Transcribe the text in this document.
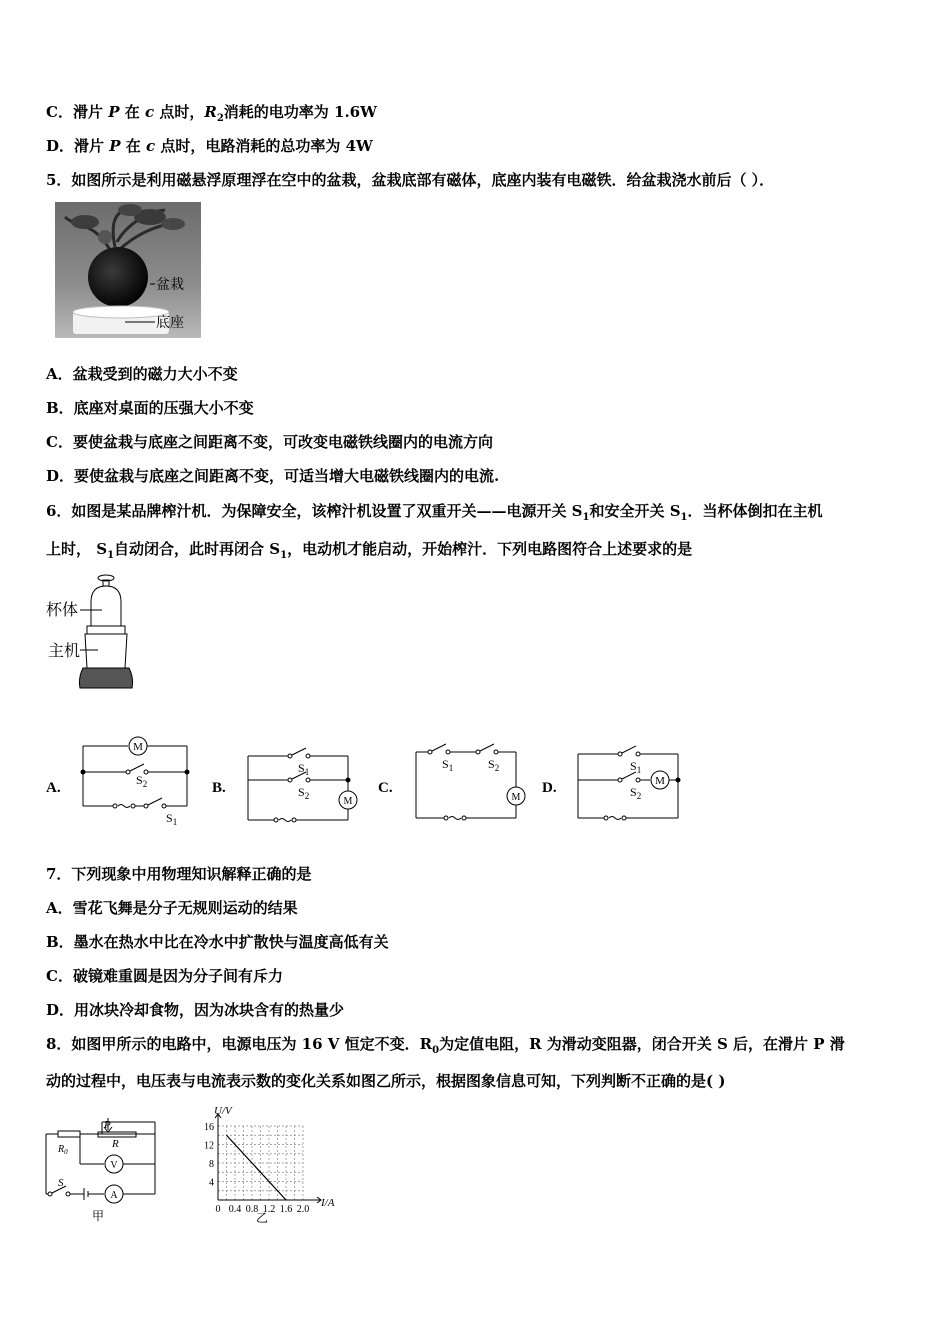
C．滑片 P 在 c 点时，$R_2$消耗的电功率为 1.6W
D．滑片 P 在 c 点时，电路消耗的总功率为 4W
5．如图所示是利用磁悬浮原理浮在空中的盆栽，盆栽底部有磁体，底座内装有电磁铁．给盆栽浇水前后（ ）．
盆栽
底座
A．盆栽受到的磁力大小不变
B．底座对桌面的压强大小不变
C．要使盆栽与底座之间距离不变，可改变电磁铁线圈内的电流方向
D．要使盆栽与底座之间距离不变，可适当增大电磁铁线圈内的电流.
6．如图是某品牌榨汁机．为保障安全，该榨汁机设置了双重开关——电源开关 $S_1$和安全开关 $S_1$．当杯体倒扣在主机
上时， $S_1$自动闭合，此时再闭合 $S_1$，电动机才能启动，开始榨汁．下列电路图符合上述要求的是
杯体
主机
A.
M
$S_2$
$S_1$
B.
M
$S_1$
$S_2$	C.
M
$S_1$	$S_2$
D.	M
$S_1$
$S_2$
7．下列现象中用物理知识解释正确的是
A．雪花飞舞是分子无规则运动的结果
B．墨水在热水中比在冷水中扩散快与温度高低有关
C．破镜难重圆是因为分子间有斥力
D．用冰块冷却食物，因为冰块含有的热量少
8．如图甲所示的电路中，电源电压为 16 V 恒定不变．$R_0$为定值电阻，R 为滑动变阻器，闭合开关 S 后，在滑片 P 滑
动的过程中，电压表与电流表示数的变化关系如图乙所示，根据图象信息可知，下列判断不正确的是( )
$R_0$
P
R
V
A
S
甲	0 0.4 0.8 1.2 1.6 2.0
4
8
12
16
U/V
I/A
乙
